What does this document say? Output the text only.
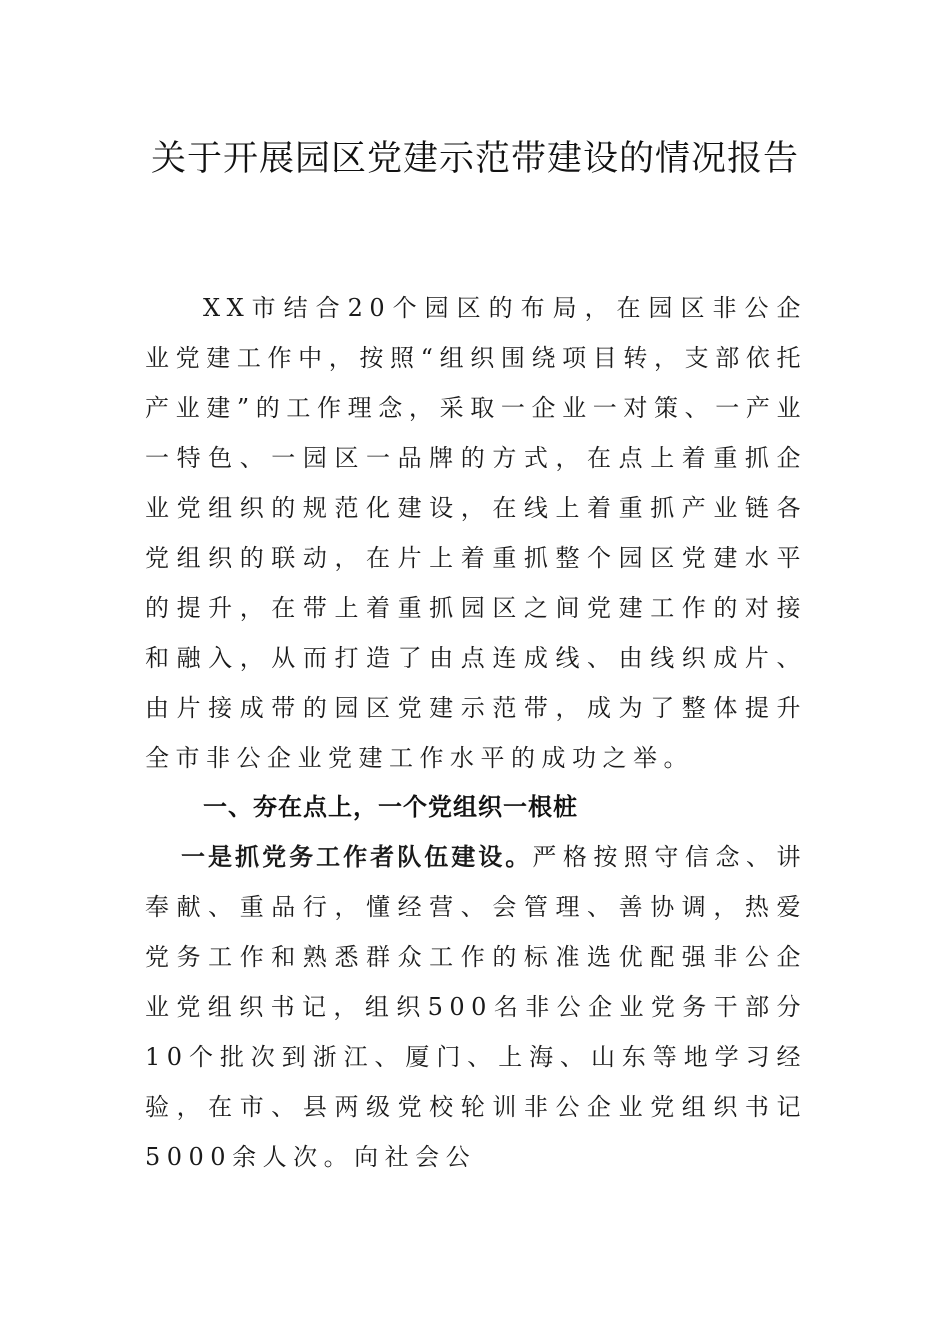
关于开展园区党建示范带建设的情况报告

XX市结合20个园区的布局，在园区非公企业党建工作中，按照“组织围绕项目转，支部依托产业建”的工作理念，采取一企业一对策、一产业一特色、一园区一品牌的方式，在点上着重抓企业党组织的规范化建设，在线上着重抓产业链各党组织的联动，在片上着重抓整个园区党建水平的提升，在带上着重抓园区之间党建工作的对接和融入，从而打造了由点连成线、由线织成片、由片接成带的园区党建示范带，成为了整体提升全市非公企业党建工作水平的成功之举。

一、夯在点上，一个党组织一根桩

一是抓党务工作者队伍建设。严格按照守信念、讲奉献、重品行，懂经营、会管理、善协调，热爱党务工作和熟悉群众工作的标准选优配强非公企业党组织书记，组织500名非公企业党务干部分10个批次到浙江、厦门、上海、山东等地学习经验，在市、县两级党校轮训非公企业党组织书记5000余人次。向社会公
